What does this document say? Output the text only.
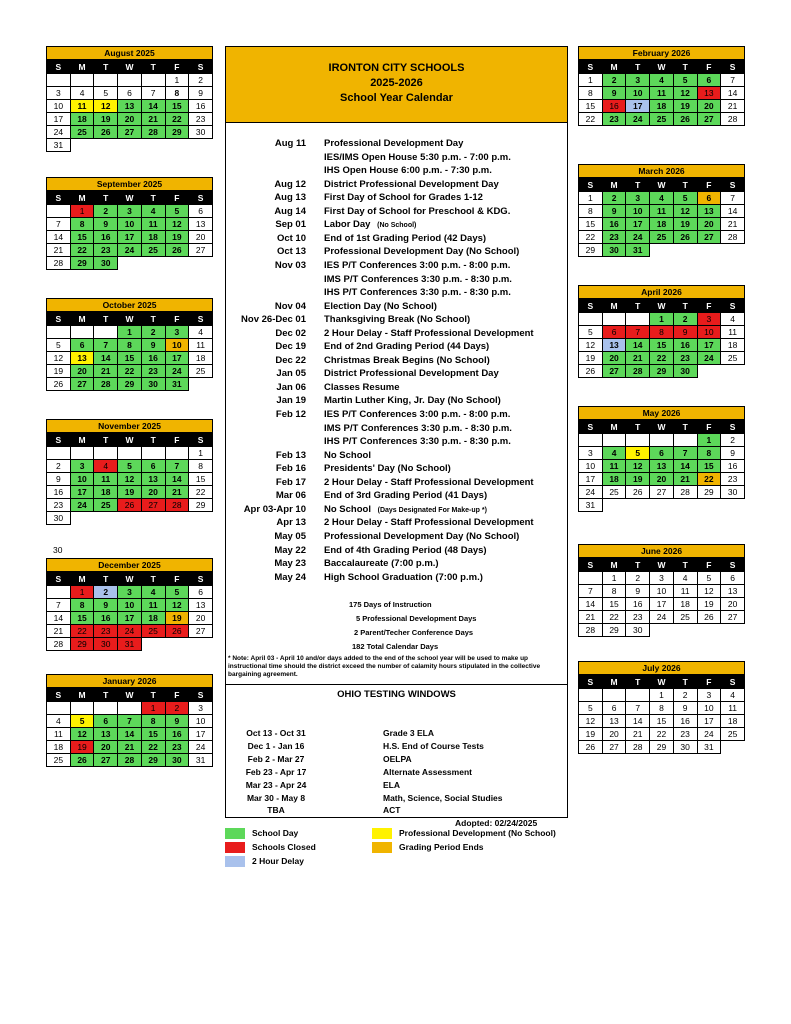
August 2025
S	M	T	W	T	F	S
					1	2
3	4	5	6	7	8	9
10	11	12	13	14	15	16
17	18	19	20	21	22	23
24	25	26	27	28	29	30
31						
September 2025
S	M	T	W	T	F	S
	1	2	3	4	5	6
7	8	9	10	11	12	13
14	15	16	17	18	19	20
21	22	23	24	25	26	27
28	29	30				
October 2025
S	M	T	W	T	F	S
			1	2	3	4
5	6	7	8	9	10	11
12	13	14	15	16	17	18
19	20	21	22	23	24	25
26	27	28	29	30	31	
November 2025
S	M	T	W	T	F	S
						1
2	3	4	5	6	7	8
9	10	11	12	13	14	15
16	17	18	19	20	21	22
23	24	25	26	27	28	29
30						
30
December 2025
S	M	T	W	T	F	S
	1	2	3	4	5	6
7	8	9	10	11	12	13
14	15	16	17	18	19	20
21	22	23	24	25	26	27
28	29	30	31			
January 2026
S	M	T	W	T	F	S
				1	2	3
4	5	6	7	8	9	10
11	12	13	14	15	16	17
18	19	20	21	22	23	24
25	26	27	28	29	30	31
February 2026
S	M	T	W	T	F	S
1	2	3	4	5	6	7
8	9	10	11	12	13	14
15	16	17	18	19	20	21
22	23	24	25	26	27	28
March 2026
S	M	T	W	T	F	S
1	2	3	4	5	6	7
8	9	10	11	12	13	14
15	16	17	18	19	20	21
22	23	24	25	26	27	28
29	30	31				
April 2026
S	M	T	W	T	F	S
			1	2	3	4
5	6	7	8	9	10	11
12	13	14	15	16	17	18
19	20	21	22	23	24	25
26	27	28	29	30		
May 2026
S	M	T	W	T	F	S
					1	2
3	4	5	6	7	8	9
10	11	12	13	14	15	16
17	18	19	20	21	22	23
24	25	26	27	28	29	30
31						
June 2026
S	M	T	W	T	F	S
	1	2	3	4	5	6
7	8	9	10	11	12	13
14	15	16	17	18	19	20
21	22	23	24	25	26	27
28	29	30				
July 2026
S	M	T	W	T	F	S
			1	2	3	4
5	6	7	8	9	10	11
12	13	14	15	16	17	18
19	20	21	22	23	24	25
26	27	28	29	30	31	
IRONTON CITY SCHOOLS
2025-2026
School Year Calendar
Aug 11 Professional Development Day
IES/IMS Open House 5:30 p.m. - 7:00 p.m.
IHS Open House 6:00 p.m. - 7:30 p.m.
Aug 12 District Professional Development Day
Aug 13 First Day of School for Grades 1-12
Aug 14 First Day of School for Preschool & KDG.
Sep 01 Labor Day (No School)
Oct 10 End of 1st Grading Period (42 Days)
Oct 13 Professional Development Day (No School)
Nov 03 IES P/T Conferences 3:00 p.m. - 8:00 p.m.
IMS P/T Conferences 3:30 p.m. - 8:30 p.m.
IHS P/T Conferences 3:30 p.m. - 8:30 p.m.
Nov 04 Election Day (No School)
Nov 26-Dec 01 Thanksgiving Break (No School)
Dec 02 2 Hour Delay - Staff Professional Development
Dec 19 End of 2nd Grading Period (44 Days)
Dec 22 Christmas Break Begins (No School)
Jan 05 District Professional Development Day
Jan 06 Classes Resume
Jan 19 Martin Luther King, Jr. Day (No School)
Feb 12 IES P/T Conferences 3:00 p.m. - 8:00 p.m.
IMS P/T Conferences 3:30 p.m. - 8:30 p.m.
IHS P/T Conferences 3:30 p.m. - 8:30 p.m.
Feb 13 No School
Feb 16 Presidents' Day (No School)
Feb 17 2 Hour Delay - Staff Professional Development
Mar 06 End of 3rd Grading Period (41 Days)
Apr 03-Apr 10 No School (Days Designated For Make-up *)
Apr 13 2 Hour Delay - Staff Professional Development
May 05 Professional Development Day (No School)
May 22 End of 4th Grading Period (48 Days)
May 23 Baccalaureate (7:00 p.m.)
May 24 High School Graduation (7:00 p.m.)
175 Days of Instruction
5 Professional Development Days
2 Parent/Techer Conference Days
182 Total Calendar Days
* Note: April 03 - April 10 and/or days added to the end of the school year will be used to make up instructional time should the district exceed the number of calamity hours stipulated in the collective bargaining agreement.
OHIO TESTING WINDOWS
Oct 13 - Oct 31	Grade 3 ELA
Dec 1 - Jan 16	H.S. End of Course Tests
Feb 2 - Mar 27	OELPA
Feb 23 - Apr 17	Alternate Assessment
Mar 23 - Apr 24	ELA
Mar 30 - May 8	Math, Science, Social Studies
TBA	ACT
Adopted: 02/24/2025
School Day
Schools Closed
2 Hour Delay
Professional Development (No School)
Grading Period Ends
